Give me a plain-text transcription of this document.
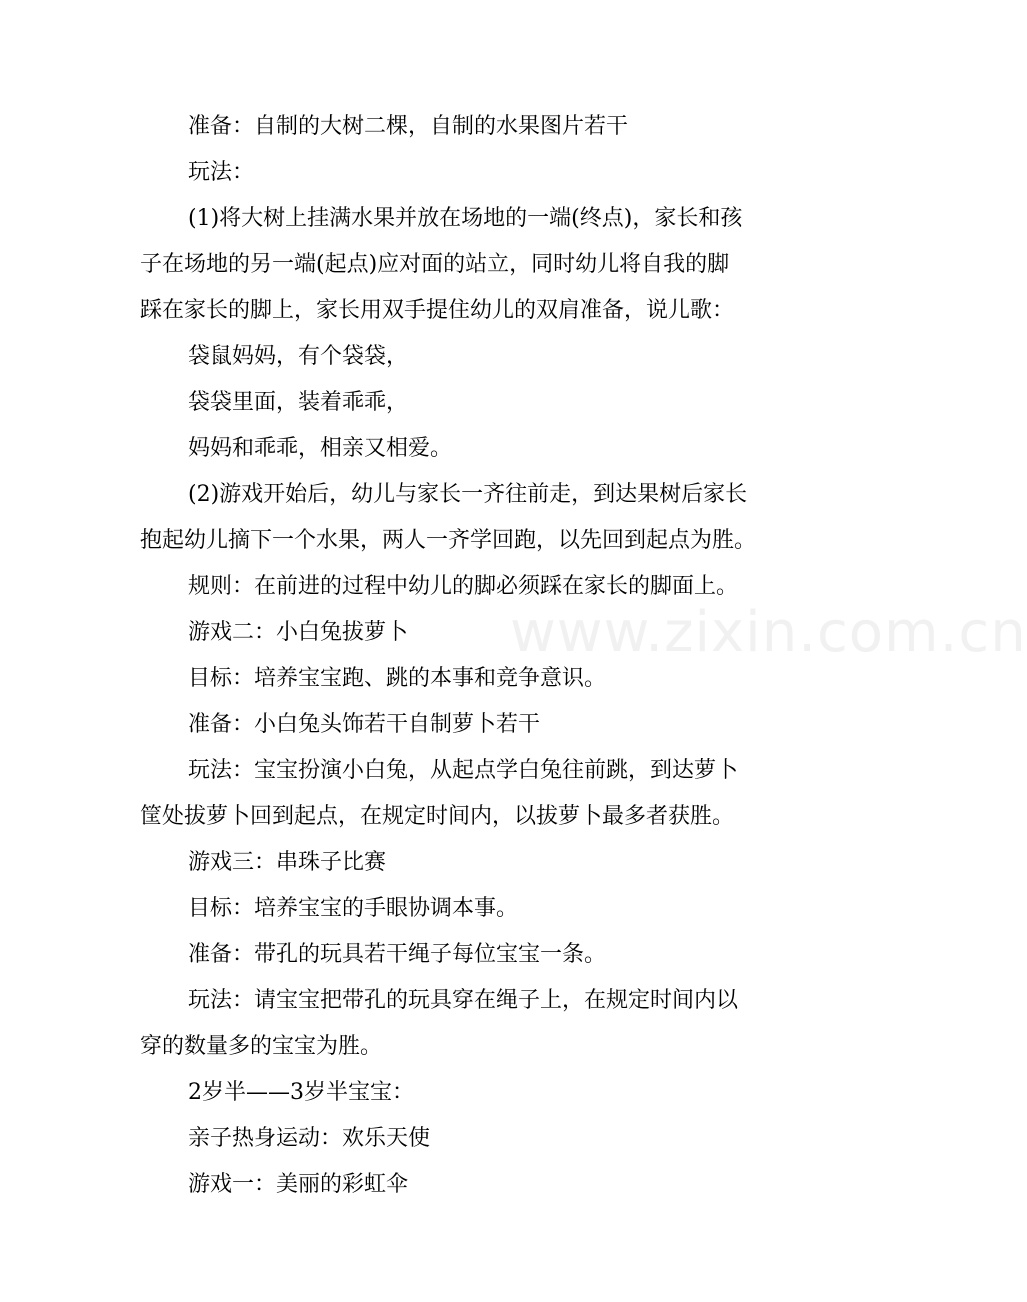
www.zixin.com.cn
准备：自制的大树二棵，自制的水果图片若干
玩法：
(1)将大树上挂满水果并放在场地的一端(终点)，家长和孩
子在场地的另一端(起点)应对面的站立，同时幼儿将自我的脚
踩在家长的脚上，家长用双手提住幼儿的双肩准备，说儿歌：
袋鼠妈妈，有个袋袋，
袋袋里面，装着乖乖，
妈妈和乖乖，相亲又相爱。
(2)游戏开始后，幼儿与家长一齐往前走，到达果树后家长
抱起幼儿摘下一个水果，两人一齐学回跑，以先回到起点为胜。
规则：在前进的过程中幼儿的脚必须踩在家长的脚面上。
游戏二：小白兔拔萝卜
目标：培养宝宝跑、跳的本事和竞争意识。
准备：小白兔头饰若干自制萝卜若干
玩法：宝宝扮演小白兔，从起点学白兔往前跳，到达萝卜
筐处拔萝卜回到起点，在规定时间内，以拔萝卜最多者获胜。
游戏三：串珠子比赛
目标：培养宝宝的手眼协调本事。
准备：带孔的玩具若干绳子每位宝宝一条。
玩法：请宝宝把带孔的玩具穿在绳子上，在规定时间内以
穿的数量多的宝宝为胜。
2岁半——3岁半宝宝：
亲子热身运动：欢乐天使
游戏一：美丽的彩虹伞
